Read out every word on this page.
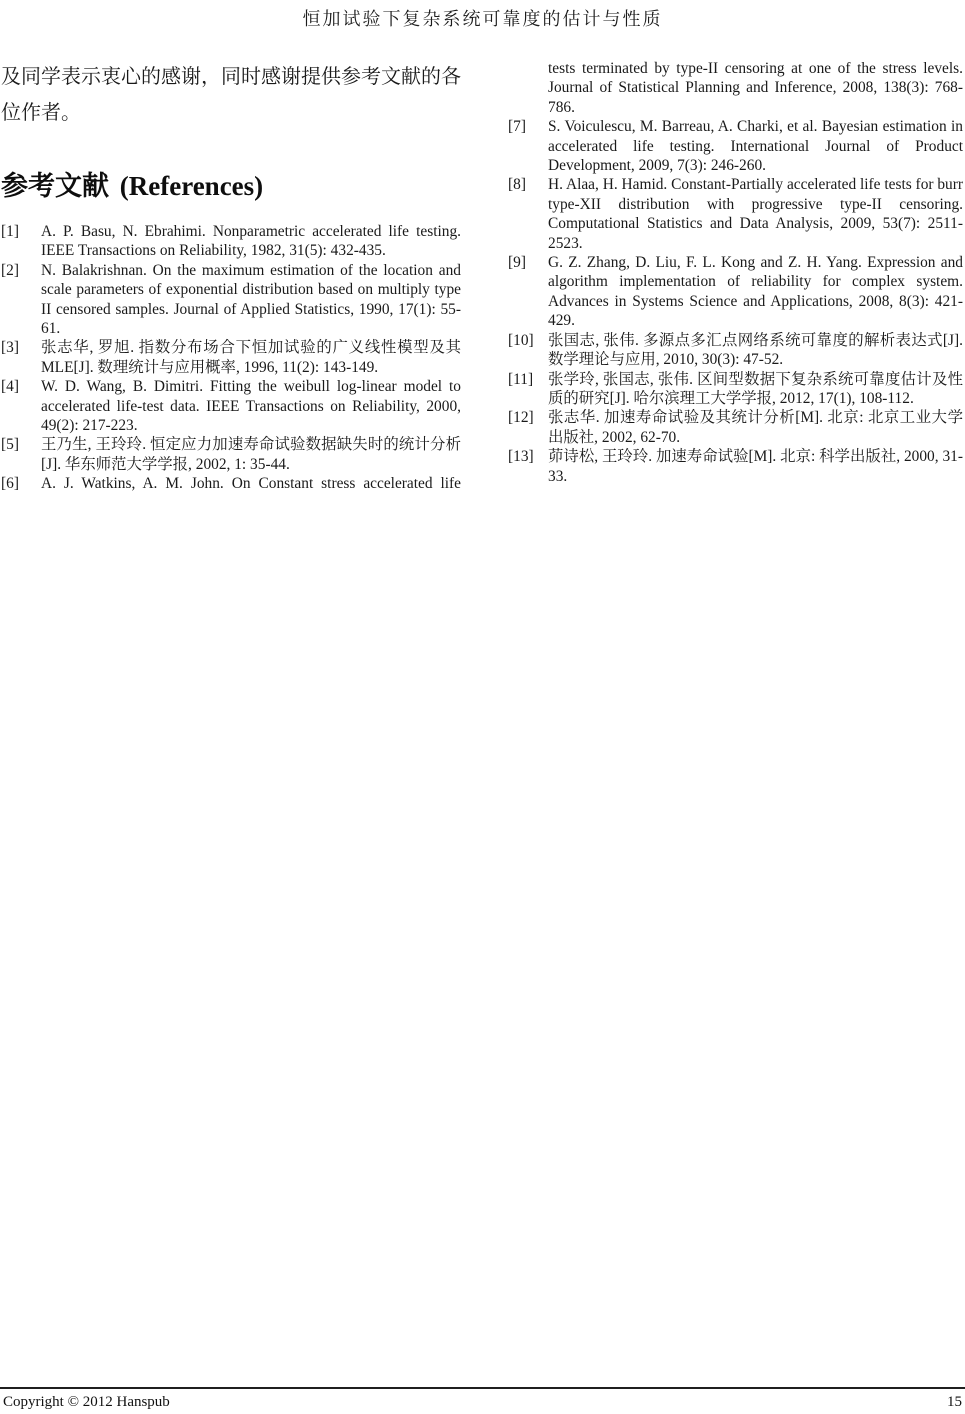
恒加试验下复杂系统可靠度的估计与性质

及同学表示衷心的感谢，同时感谢提供参考文献的各位作者。

参考文献 (References)
[1]	A. P. Basu, N. Ebrahimi. Nonparametric accelerated life testing. IEEE Transactions on Reliability, 1982, 31(5): 432-435.
[2]	N. Balakrishnan. On the maximum estimation of the location and scale parameters of exponential distribution based on multiply type II censored samples. Journal of Applied Statistics, 1990, 17(1): 55-61.
[3]	张志华, 罗旭. 指数分布场合下恒加试验的广义线性模型及其 MLE[J]. 数理统计与应用概率, 1996, 11(2): 143-149.
[4]	W. D. Wang, B. Dimitri. Fitting the weibull log-linear model to accelerated life-test data. IEEE Transactions on Reliability, 2000, 49(2): 217-223.
[5]	王乃生, 王玲玲. 恒定应力加速寿命试验数据缺失时的统计分析[J]. 华东师范大学学报, 2002, 1: 35-44.
[6]	A. J. Watkins, A. M. John. On Constant stress accelerated life
tests terminated by type-II censoring at one of the stress levels. Journal of Statistical Planning and Inference, 2008, 138(3): 768-786.
[7]	S. Voiculescu, M. Barreau, A. Charki, et al. Bayesian estimation in accelerated life testing. International Journal of Product Development, 2009, 7(3): 246-260.
[8]	H. Alaa, H. Hamid. Constant-Partially accelerated life tests for burr type-XII distribution with progressive type-II censoring. Computational Statistics and Data Analysis, 2009, 53(7): 2511-2523.
[9]	G. Z. Zhang, D. Liu, F. L. Kong and Z. H. Yang. Expression and algorithm implementation of reliability for complex system. Advances in Systems Science and Applications, 2008, 8(3): 421-429.
[10] 张国志, 张伟. 多源点多汇点网络系统可靠度的解析表达式[J]. 数学理论与应用, 2010, 30(3): 47-52.
[11] 张学玲, 张国志, 张伟. 区间型数据下复杂系统可靠度估计及性质的研究[J]. 哈尔滨理工大学学报, 2012, 17(1), 108-112.
[12] 张志华. 加速寿命试验及其统计分析[M]. 北京: 北京工业大学出版社, 2002, 62-70.
[13] 茆诗松, 王玲玲. 加速寿命试验[M]. 北京: 科学出版社, 2000, 31-33.
Copyright © 2012 Hanspub	15
